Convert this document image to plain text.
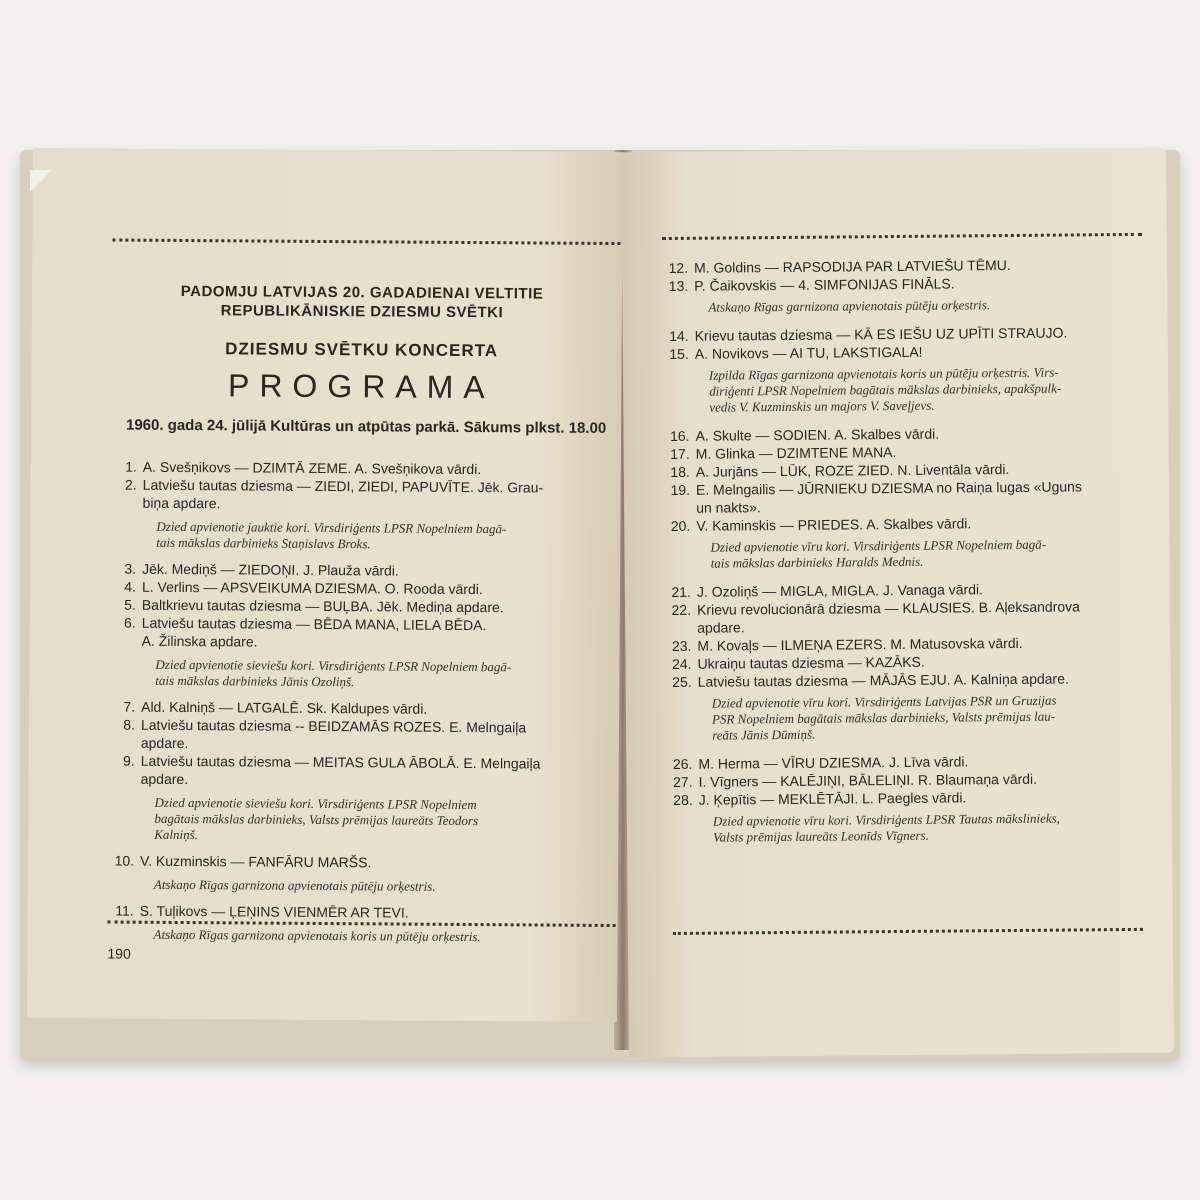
PADOMJU LATVIJAS 20. GADADIENAI VELTITIE
REPUBLIKĀNISKIE DZIESMU SVĒTKI
DZIESMU SVĒTKU KONCERTA
PROGRAMA
1960. gada 24. jūlijā Kultūras un atpūtas parkā. Sākums plkst. 18.00
1. A. Svešņikovs — DZIMTĀ ZEME. A. Svešņikova vārdi.
2. Latviešu tautas dziesma — ZIEDI, ZIEDI, PAPUVĪTE. Jēk. Grau-
biņa apdare.
Dzied apvienotie jauktie kori. Virsdiriģents LPSR Nopelniem bagā-
tais mākslas darbinieks Staņislavs Broks.
3. Jēk. Mediņš — ZIEDOŅI. J. Plauža vārdi.
4. L. Verlins — APSVEIKUMA DZIESMA. O. Rooda vārdi.
5. Baltkrievu tautas dziesma — BUĻBA. Jēk. Mediņa apdare.
6. Latviešu tautas dziesma — BĒDA MANA, LIELA BĒDA.
A. Žilinska apdare.
Dzied apvienotie sieviešu kori. Virsdiriģents LPSR Nopelniem bagā-
tais mākslas darbinieks Jānis Ozoliņš.
7. Ald. Kalniņš — LATGALĒ. Sk. Kaldupes vārdi.
8. Latviešu tautas dziesma -- BEIDZAMĀS ROZES. E. Melngaiļa
apdare.
9. Latviešu tautas dziesma — MEITAS GULA ĀBOLĀ. E. Melngaiļa
apdare.
Dzied apvienotie sieviešu kori. Virsdiriģents LPSR Nopelniem
bagātais mākslas darbinieks, Valsts prēmijas laureāts Teodors
Kalniņš.
10. V. Kuzminskis — FANFĀRU MARŠS.
Atskaņo Rīgas garnizona apvienotais pūtēju orķestris.
11. S. Tuļikovs — ĻEŅINS VIENMĒR AR TEVI.
Atskaņo Rīgas garnizona apvienotais koris un pūtēju orķestris.
190
12. M. Goldins — RAPSODIJA PAR LATVIEŠU TĒMU.
13. P. Čaikovskis — 4. SIMFONIJAS FINĀLS.
Atskaņo Rīgas garnizona apvienotais pūtēju orķestris.
14. Krievu tautas dziesma — KĀ ES IEŠU UZ UPĪTI STRAUJO.
15. A. Novikovs — AI TU, LAKSTIGALA!
Izpilda Rīgas garnizona apvienotais koris un pūtēju orķestris. Virs-
diriģenti LPSR Nopelniem bagātais mākslas darbinieks, apakšpulk-
vedis V. Kuzminskis un majors V. Saveļjevs.
16. A. Skulte — SODIEN. A. Skalbes vārdi.
17. M. Glinka — DZIMTENE MANA.
18. A. Jurjāns — LŪK, ROZE ZIED. N. Liventāla vārdi.
19. E. Melngailis — JŪRNIEKU DZIESMA no Raiņa lugas «Uguns
un nakts».
20. V. Kaminskis — PRIEDES. A. Skalbes vārdi.
Dzied apvienotie vīru kori. Virsdiriģents LPSR Nopelniem bagā-
tais mākslas darbinieks Haralds Mednis.
21. J. Ozoliņš — MIGLA, MIGLA. J. Vanaga vārdi.
22. Krievu revolucionārā dziesma — KLAUSIES. B. Aļeksandrova
apdare.
23. M. Kovaļs — ILMEŅA EZERS. M. Matusovska vārdi.
24. Ukraiņu tautas dziesma — KAZĀKS.
25. Latviešu tautas dziesma — MĀJĀS EJU. A. Kalniņa apdare.
Dzied apvienotie vīru kori. Virsdiriģents Latvijas PSR un Gruzijas
PSR Nopelniem bagātais mākslas darbinieks, Valsts prēmijas lau-
reāts Jānis Dūmiņš.
26. M. Herma — VĪRU DZIESMA. J. Līva vārdi.
27. I. Vīgners — KALĒJIŅI, BĀLELIŅI. R. Blaumaņa vārdi.
28. J. Ķepītis — MEKLĒTĀJI. L. Paegles vārdi.
Dzied apvienotie vīru kori. Virsdiriģents LPSR Tautas mākslinieks,
Valsts prēmijas laureāts Leonīds Vīgners.
